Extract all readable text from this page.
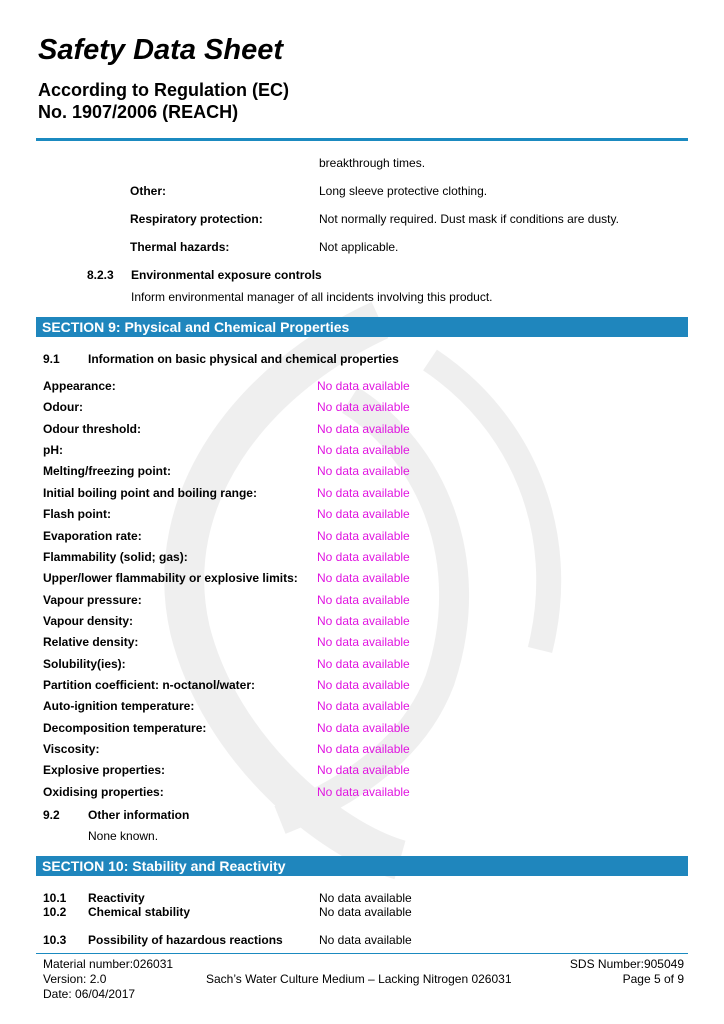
Safety Data Sheet
According to Regulation (EC)
No. 1907/2006 (REACH)
breakthrough times.
Other:	Long sleeve protective clothing.
Respiratory protection:	Not normally required. Dust mask if conditions are dusty.
Thermal hazards:	Not applicable.
8.2.3 Environmental exposure controls
Inform environmental manager of all incidents involving this product.
SECTION 9: Physical and Chemical Properties
9.1 Information on basic physical and chemical properties
Appearance:	No data available
Odour:	No data available
Odour threshold:	No data available
pH:	No data available
Melting/freezing point:	No data available
Initial boiling point and boiling range:	No data available
Flash point:	No data available
Evaporation rate:	No data available
Flammability (solid; gas):	No data available
Upper/lower flammability or explosive limits: No data available
Vapour pressure:	No data available
Vapour density:	No data available
Relative density:	No data available
Solubility(ies):	No data available
Partition coefficient: n-octanol/water:	No data available
Auto-ignition temperature:	No data available
Decomposition temperature:	No data available
Viscosity:	No data available
Explosive properties:	No data available
Oxidising properties:	No data available
9.2 Other information
None known.
SECTION 10: Stability and Reactivity
10.1 Reactivity	No data available
10.2 Chemical stability	No data available
10.3 Possibility of hazardous reactions	No data available
Material number:026031
Version: 2.0
Date: 06/04/2017
Sach’s Water Culture Medium – Lacking Nitrogen 026031
SDS Number:905049
Page 5 of 9
